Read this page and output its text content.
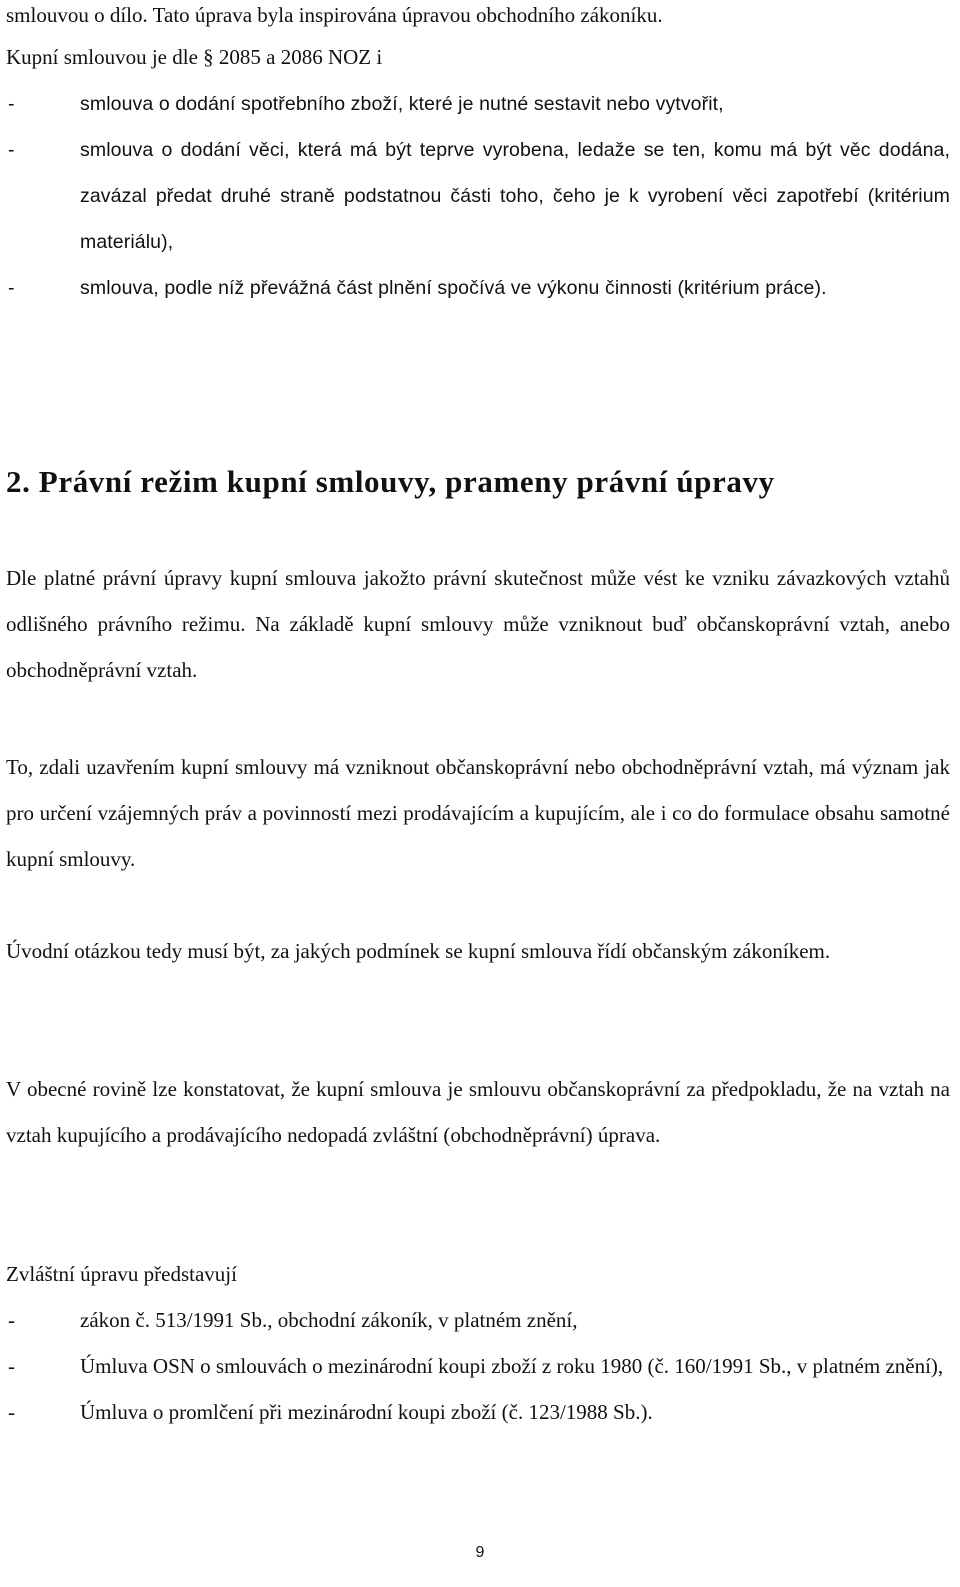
smlouvou o dílo. Tato úprava byla inspirována úpravou obchodního zákoníku.
Kupní smlouvou je dle § 2085 a 2086 NOZ i
-	smlouva o dodání spotřebního zboží, které je nutné sestavit nebo vytvořit,
-	smlouva o dodání věci, která má být teprve vyrobena, ledaže se ten, komu má být věc dodána, zavázal předat druhé straně podstatnou části toho, čeho je k vyrobení věci zapotřebí (kritérium materiálu),
-	smlouva, podle níž převážná část plnění spočívá ve výkonu činnosti (kritérium práce).
2. Právní režim kupní smlouvy, prameny právní úpravy
Dle platné právní úpravy kupní smlouva jakožto právní skutečnost může vést ke vzniku závazkových vztahů odlišného právního režimu. Na základě kupní smlouvy může vzniknout buď občanskoprávní vztah, anebo obchodněprávní vztah.
To, zdali uzavřením kupní smlouvy má vzniknout občanskoprávní nebo obchodněprávní vztah, má význam jak pro určení vzájemných práv a povinností mezi prodávajícím a kupujícím, ale i co do formulace obsahu samotné kupní smlouvy.
Úvodní otázkou tedy musí být, za jakých podmínek se kupní smlouva řídí občanským zákoníkem.
V obecné rovině lze konstatovat, že kupní smlouva je smlouvu občanskoprávní za předpokladu, že na vztah na vztah kupujícího a prodávajícího nedopadá zvláštní (obchodněprávní) úprava.
Zvláštní úpravu představují
-	zákon č. 513/1991 Sb., obchodní zákoník, v platném znění,
-	Úmluva OSN o smlouvách o mezinárodní koupi zboží z roku 1980 (č. 160/1991 Sb., v platném znění),
-	Úmluva o promlčení při mezinárodní koupi zboží (č. 123/1988 Sb.).
9
